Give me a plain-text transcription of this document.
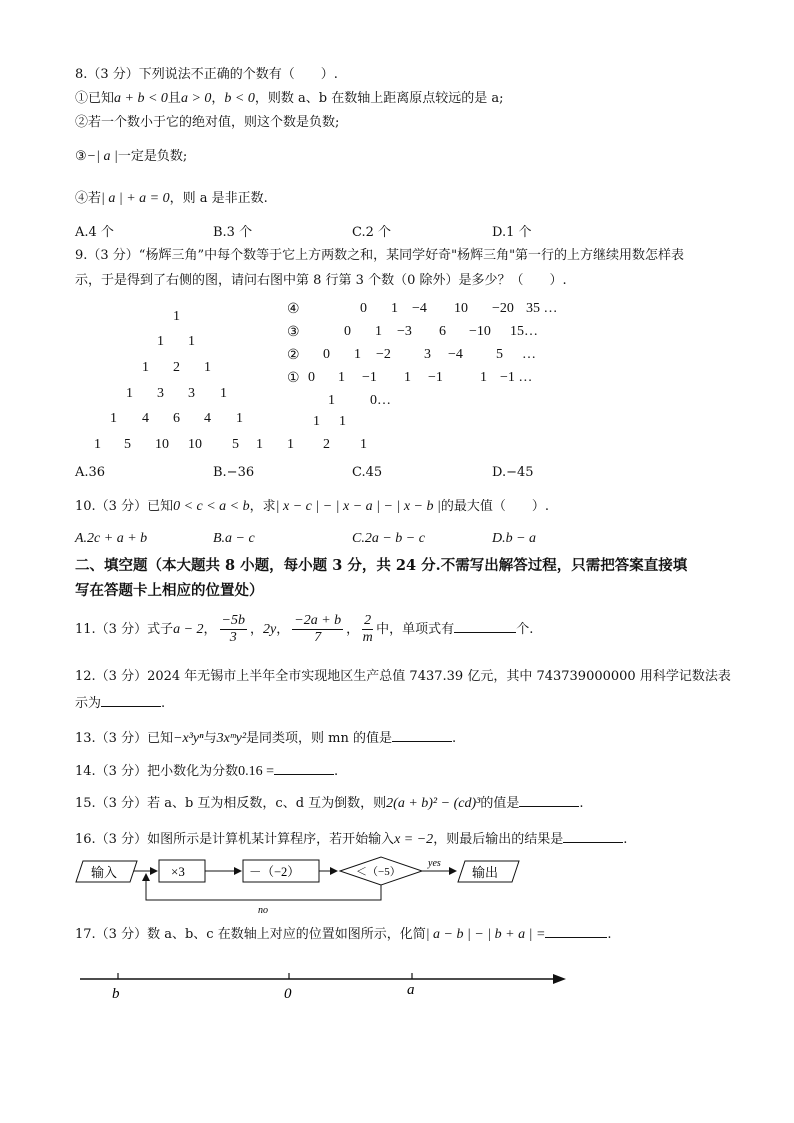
8.（3 分）下列说法不正确的个数有（　　）.
①已知a + b < 0且a > 0，b < 0，则数 a、b 在数轴上距离原点较远的是 a;
②若一个数小于它的绝对值，则这个数是负数;
③−| a |一定是负数;
④若| a | + a = 0，则 a 是非正数.
A.4 个	B.3 个	C.2 个	D.1 个
9.（3 分）“杨辉三角”中每个数等于它上方两数之和，某同学好奇"杨辉三角"第一行的上方继续用数怎样表
示，于是得到了右侧的图，请问右图中第 8 行第 3 个数（0 除外）是多少？（　　）.
1
1 1
1 2 1
1 3 3 1
1 4 6 4 1
1 5 10 10 5 1
④	0 1 −4 10 −20 35 …
③	0 1 −3 6 −10 15…
② 0 1 −2 3 −4 5 …
① 0 1 −1 1 −1	1 −1 …
1	0…
1 1
1 2 1
A.36	B.−36	C.45	D.−45
10.（3 分）已知0 < c < a < b，求| x − c | − | x − a | − | x − b |的最大值（　　）.
A.2c + a + b	B.a − c	C.2a − b − c	D.b − a
二、填空题（本大题共 8 小题，每小题 3 分，共 24 分.不需写出解答过程，只需把答案直接填
写在答题卡上相应的位置处）
11.（3 分）式子a − 2， $\frac{-5b}{3}$ ，2y， $\frac{-2a + b}{7}$ ， $\frac{2}{m}$ 中，单项式有	个.
12.（3 分）2024 年无锡市上半年全市实现地区生产总值 7437.39 亿元，其中 743739000000 用科学记数法表
示为	.
13.（3 分）已知−x³yⁿ与3xᵐy²是同类项，则 mn 的值是	.
14.（3 分）把小数化为分数0.16 =	.
15.（3 分）若 a、b 互为相反数，c、d 互为倒数，则2(a + b)² − (cd)³的值是	.
16.（3 分）如图所示是计算机某计算程序，若开始输入x = −2，则最后输出的结果是	.
输入	×3	－（−2）	＜（−5）
yes
输出
no
17.（3 分）数 a、b、c 在数轴上对应的位置如图所示，化简| a − b | − | b + a | =	.
b	0	a
